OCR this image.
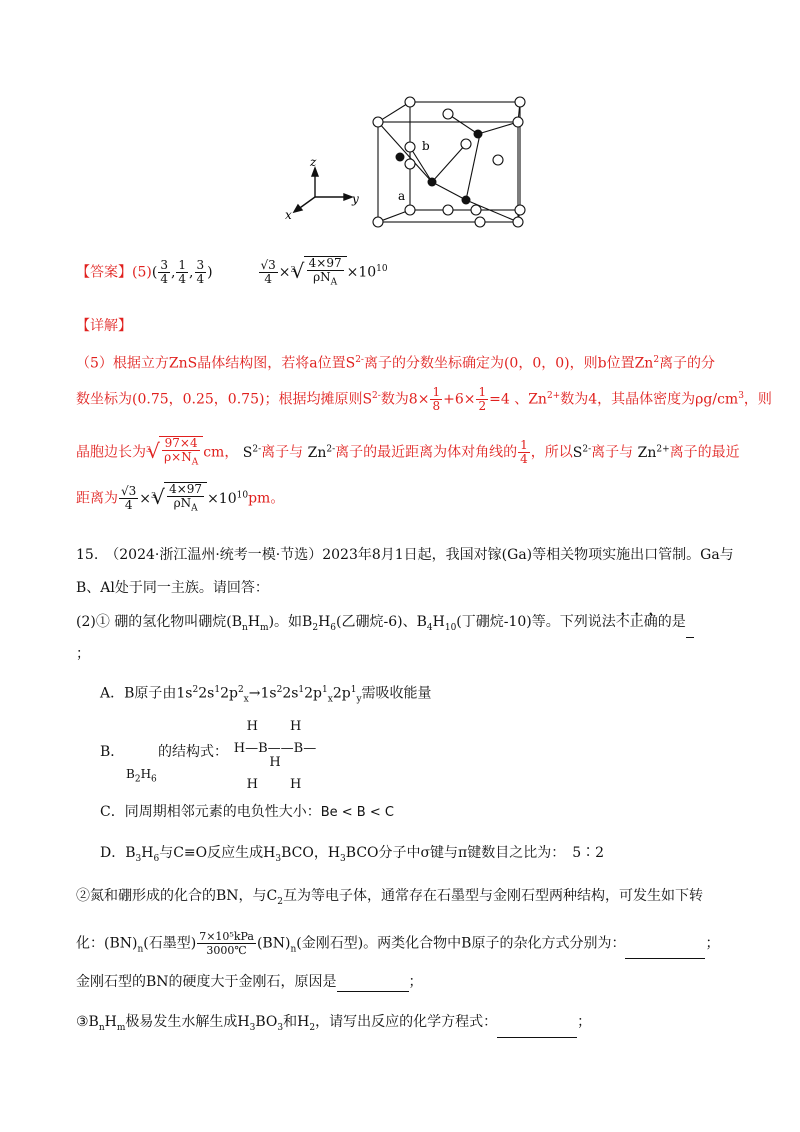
z
y
x
b
a
【答案】$(5)( \frac{3}{4}$ , $\frac{1}{4}$ , $\frac{3}{4}$ )	$\frac{√3}{4} \times^3$ √ $\frac{4\times 97}{\rho N_A} \times 10^{10}$
【详解】
（5）根据立方ZnS晶体结构图，若将a位置$S^{2-}$离子的分数坐标确定为(0，0，0)，则b位置Zn$^2$离子的分
数坐标为(0.75，0.25，0.75)；根据均摊原则$S^{2-}$数为$8\times \frac{1}{8} +6\times \frac{1}{2} =4$ 、$Zn^{2+}$数为4，其晶体密度为$\rho g/cm^3$，则
晶胞边长为$^3$ √ $\frac{97\times 4}{\rho\times N_A}$ cm， $S^{2-}$离子与 $Zn^{2-}$离子的最近距离为体对角线的 $\frac{1}{4}$ ，所以$S^{2-}$离子与 $Zn^{2+}$离子的最近
距离为 $\frac{√3}{4} \times^3$ √ $\frac{4\times 97}{\rho N_A} \times 10^{10}pm$。
15.　（2024·浙江温州·统考一模·节选）2023年8月1日起，我国对镓(Ga)等相关物项实施出口管制。Ga与
B、Al处于同一主族。请回答：
(2)① 硼的氢化物叫硼烷$(B_nH_m)$。如$B_2H_6$(乙硼烷-6)、$B_4H_{10}$(丁硼烷-10)等。下列说法不正确的是
；
A．B原子由$1s^22s^12p^2_x\to 1s^22s^12p^1_x2p^1_y$需吸收能量
B．
$B_2H_6$
的结构式：
H　　H
H—B——B—H
H　　H
C．同周期相邻元素的电负性大小：Be < B < C
D．$B_3H_6$与C≡O反应生成$H_3BCO$，$H_3BCO$分子中σ键与π键数目之比为：　5∶2
②氮和硼形成的化合的BN，与$C_2$互为等电子体，通常存在石墨型与金刚石型两种结构，可发生如下转
化：$(BN)_n$(石墨型) $\frac{\text{7×10⁵kPa}}{3000℃} (BN)_n$(金刚石型)。两类化合物中B原子的杂化方式分别为：	；
金刚石型的BN的硬度大于金刚石，原因是	；
$③B_nH_m$极易发生水解生成$H_3BO_3$和$H_2$，请写出反应的化学方程式：	；
